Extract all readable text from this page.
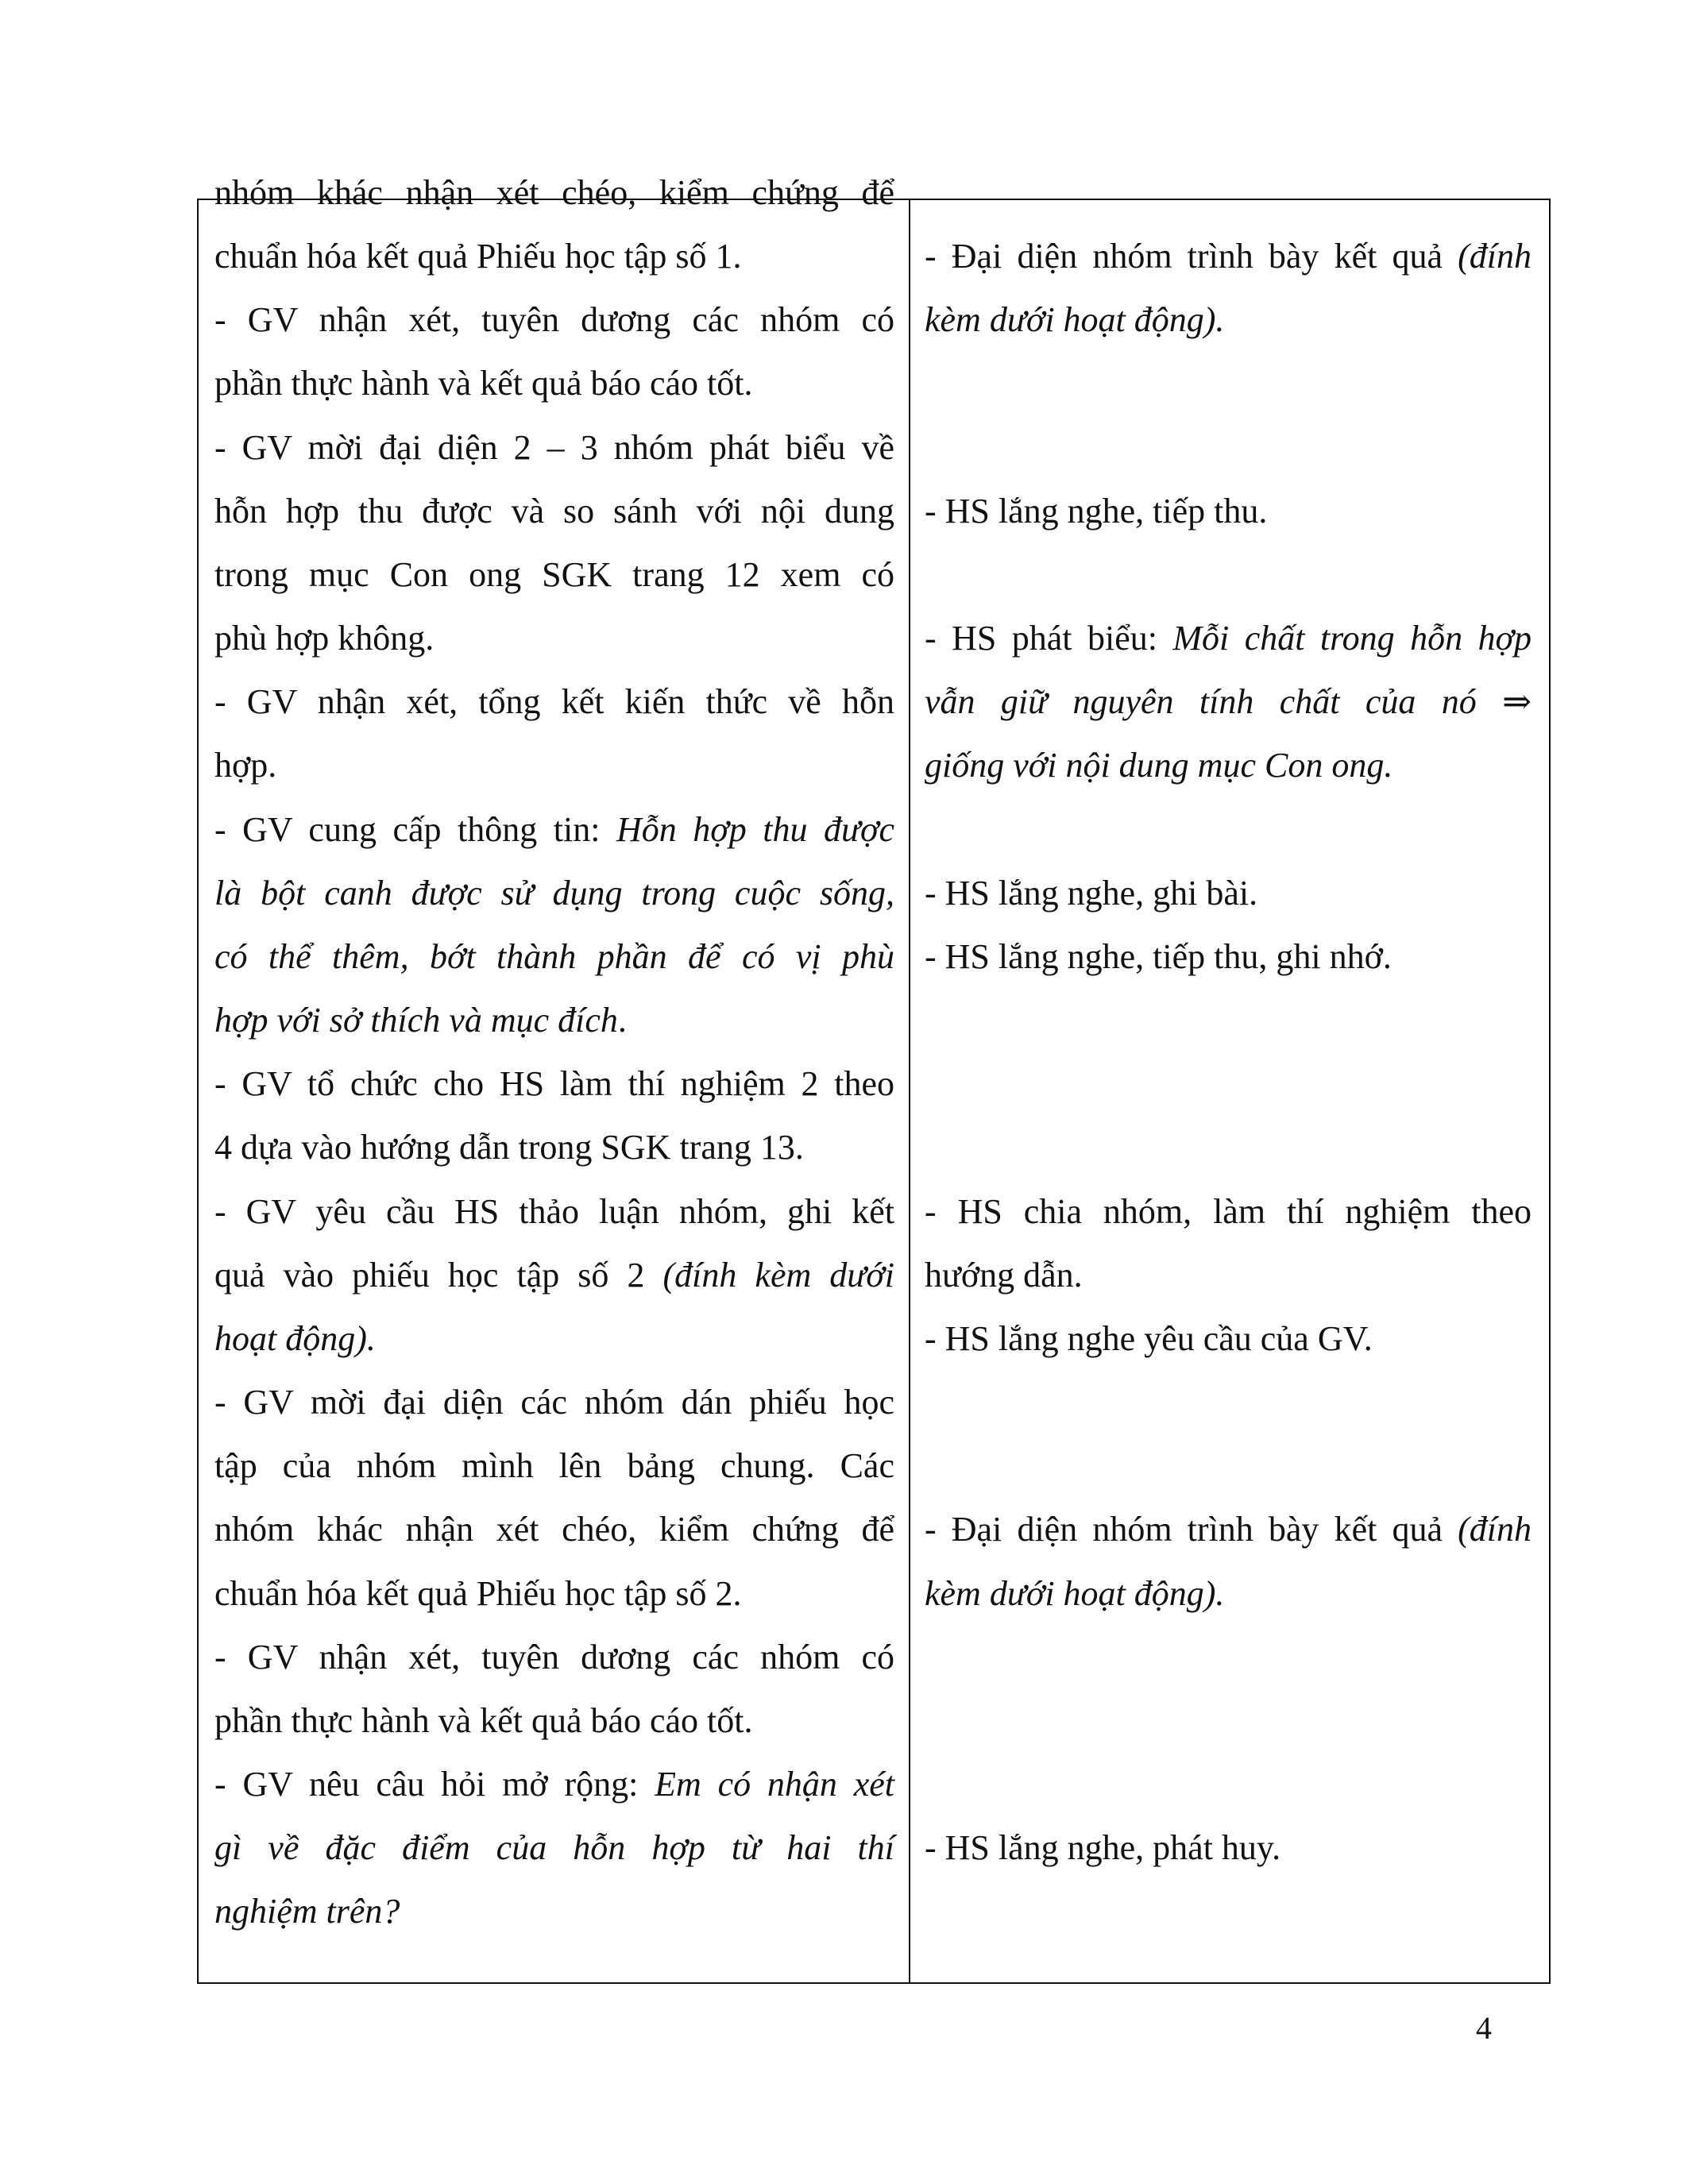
nhóm khác nhận xét chéo, kiểm chứng để
chuẩn hóa kết quả Phiếu học tập số 1.
- GV nhận xét, tuyên dương các nhóm có
phần thực hành và kết quả báo cáo tốt.
- GV mời đại diện 2 – 3 nhóm phát biểu về
hỗn hợp thu được và so sánh với nội dung
trong mục Con ong SGK trang 12 xem có
phù hợp không.
- GV nhận xét, tổng kết kiến thức về hỗn
hợp.
- GV cung cấp thông tin: Hỗn hợp thu được
là bột canh được sử dụng trong cuộc sống,
có thể thêm, bớt thành phần để có vị phù
hợp với sở thích và mục đích.
- GV tổ chức cho HS làm thí nghiệm 2 theo
4 dựa vào hướng dẫn trong SGK trang 13.
- GV yêu cầu HS thảo luận nhóm, ghi kết
quả vào phiếu học tập số 2 (đính kèm dưới
hoạt động).
- GV mời đại diện các nhóm dán phiếu học
tập của nhóm mình lên bảng chung. Các
nhóm khác nhận xét chéo, kiểm chứng để
chuẩn hóa kết quả Phiếu học tập số 2.
- GV nhận xét, tuyên dương các nhóm có
phần thực hành và kết quả báo cáo tốt.
- GV nêu câu hỏi mở rộng: Em có nhận xét
gì về đặc điểm của hỗn hợp từ hai thí
nghiệm trên?
- Đại diện nhóm trình bày kết quả (đính
kèm dưới hoạt động).
- HS lắng nghe, tiếp thu.
- HS phát biểu: Mỗi chất trong hỗn hợp
vẫn giữ nguyên tính chất của nó ⇒
giống với nội dung mục Con ong.
- HS lắng nghe, ghi bài.
- HS lắng nghe, tiếp thu, ghi nhớ.
- HS chia nhóm, làm thí nghiệm theo
hướng dẫn.
- HS lắng nghe yêu cầu của GV.
- Đại diện nhóm trình bày kết quả (đính
kèm dưới hoạt động).
- HS lắng nghe, phát huy.
4
